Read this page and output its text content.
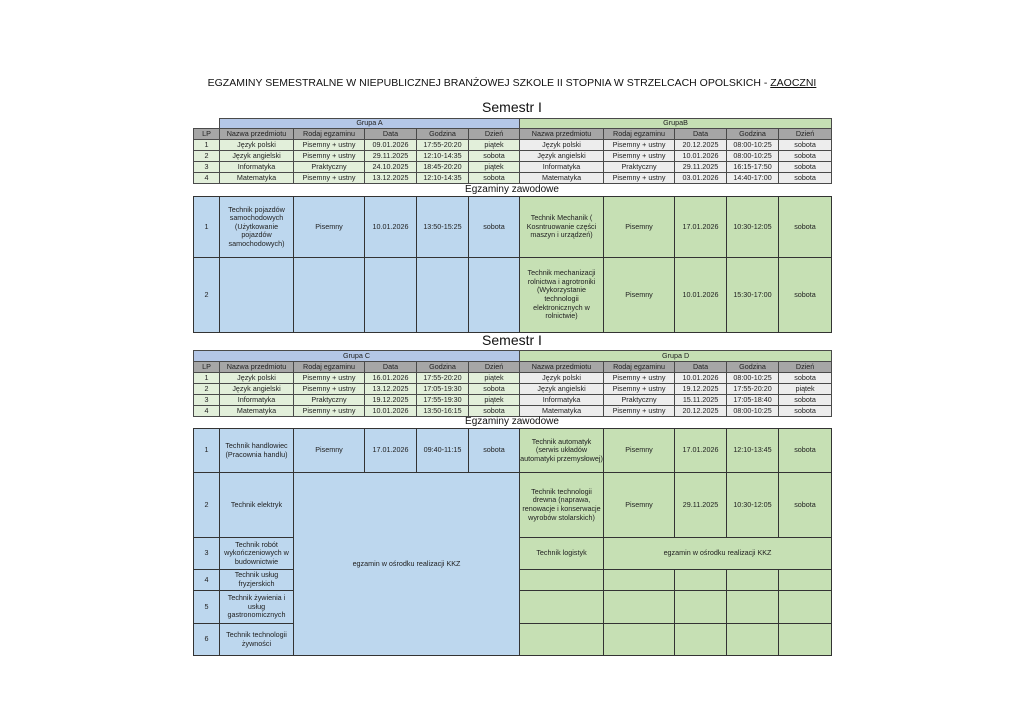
EGZAMINY SEMESTRALNE W NIEPUBLICZNEJ BRANŻOWEJ SZKOLE II STOPNIA W STRZELCACH OPOLSKICH - ZAOCZNI
Semestr I
	Grupa A					GrupaB				
LP	Nazwa przedmiotu	Rodaj egzaminu	Data	Godzina	Dzień	Nazwa przedmiotu	Rodaj egzaminu	Data	Godzina	Dzień
1	Język polski	Pisemny + ustny	09.01.2026	17:55-20:20	piątek	Język polski	Pisemny + ustny	20.12.2025	08:00-10:25	sobota
2	Język angielski	Pisemny + ustny	29.11.2025	12:10-14:35	sobota	Język angielski	Pisemny + ustny	10.01.2026	08:00-10:25	sobota
3	Informatyka	Praktyczny	24.10.2025	18:45-20:20	piątek	Informatyka	Praktyczny	29.11.2025	16:15-17:50	sobota
4	Matematyka	Pisemny + ustny	13.12.2025	12:10-14:35	sobota	Matematyka	Pisemny + ustny	03.01.2026	14:40-17:00	sobota
Egzaminy zawodowe
1	Technik pojazdów samochodowych (Użytkowanie pojazdów samochodowych)	Pisemny	10.01.2026	13:50-15:25	sobota	Technik Mechanik ( Kosntruowanie części maszyn i urządzeń)	Pisemny	17.01.2026	10:30-12:05	sobota
2						Technik mechanizacji rolnictwa i agrotroniki (Wykorzystanie technologii elektronicznych w rolnictwie)	Pisemny	10.01.2026	15:30-17:00	sobota
Semestr I
Grupa C						Grupa D				
LP	Nazwa przedmiotu	Rodaj egzaminu	Data	Godzina	Dzień	Nazwa przedmiotu	Rodaj egzaminu	Data	Godzina	Dzień
1	Język polski	Pisemny + ustny	16.01.2026	17:55-20:20	piątek	Język polski	Pisemny + ustny	10.01.2026	08:00-10:25	sobota
2	Język angielski	Pisemny + ustny	13.12.2025	17:05-19:30	sobota	Język angielski	Pisemny + ustny	19.12.2025	17:55-20:20	piątek
3	Informatyka	Praktyczny	19.12.2025	17:55-19:30	piątek	Informatyka	Praktyczny	15.11.2025	17:05-18:40	sobota
4	Matematyka	Pisemny + ustny	10.01.2026	13:50-16:15	sobota	Matematyka	Pisemny + ustny	20.12.2025	08:00-10:25	sobota
Egzaminy zawodowe
1	Technik handlowiec (Pracownia handlu)	Pisemny	17.01.2026	09:40-11:15	sobota	Technik automatyk (serwis układów automatyki przemysłowej)	Pisemny	17.01.2026	12:10-13:45	sobota
2	Technik elektryk	egzamin w ośrodku realizacji KKZ				Technik technologii drewna (naprawa, renowacje i konserwacje wyrobów stolarskich)	Pisemny	29.11.2025	10:30-12:05	sobota
3	Technik robót wykończeniowych w budownictwie					Technik logistyk	egzamin w ośrodku realizacji KKZ			
4	Technik usług fryzjerskich									
5	Technik żywienia i usług gastronomicznych									
6	Technik technologii żywności									
